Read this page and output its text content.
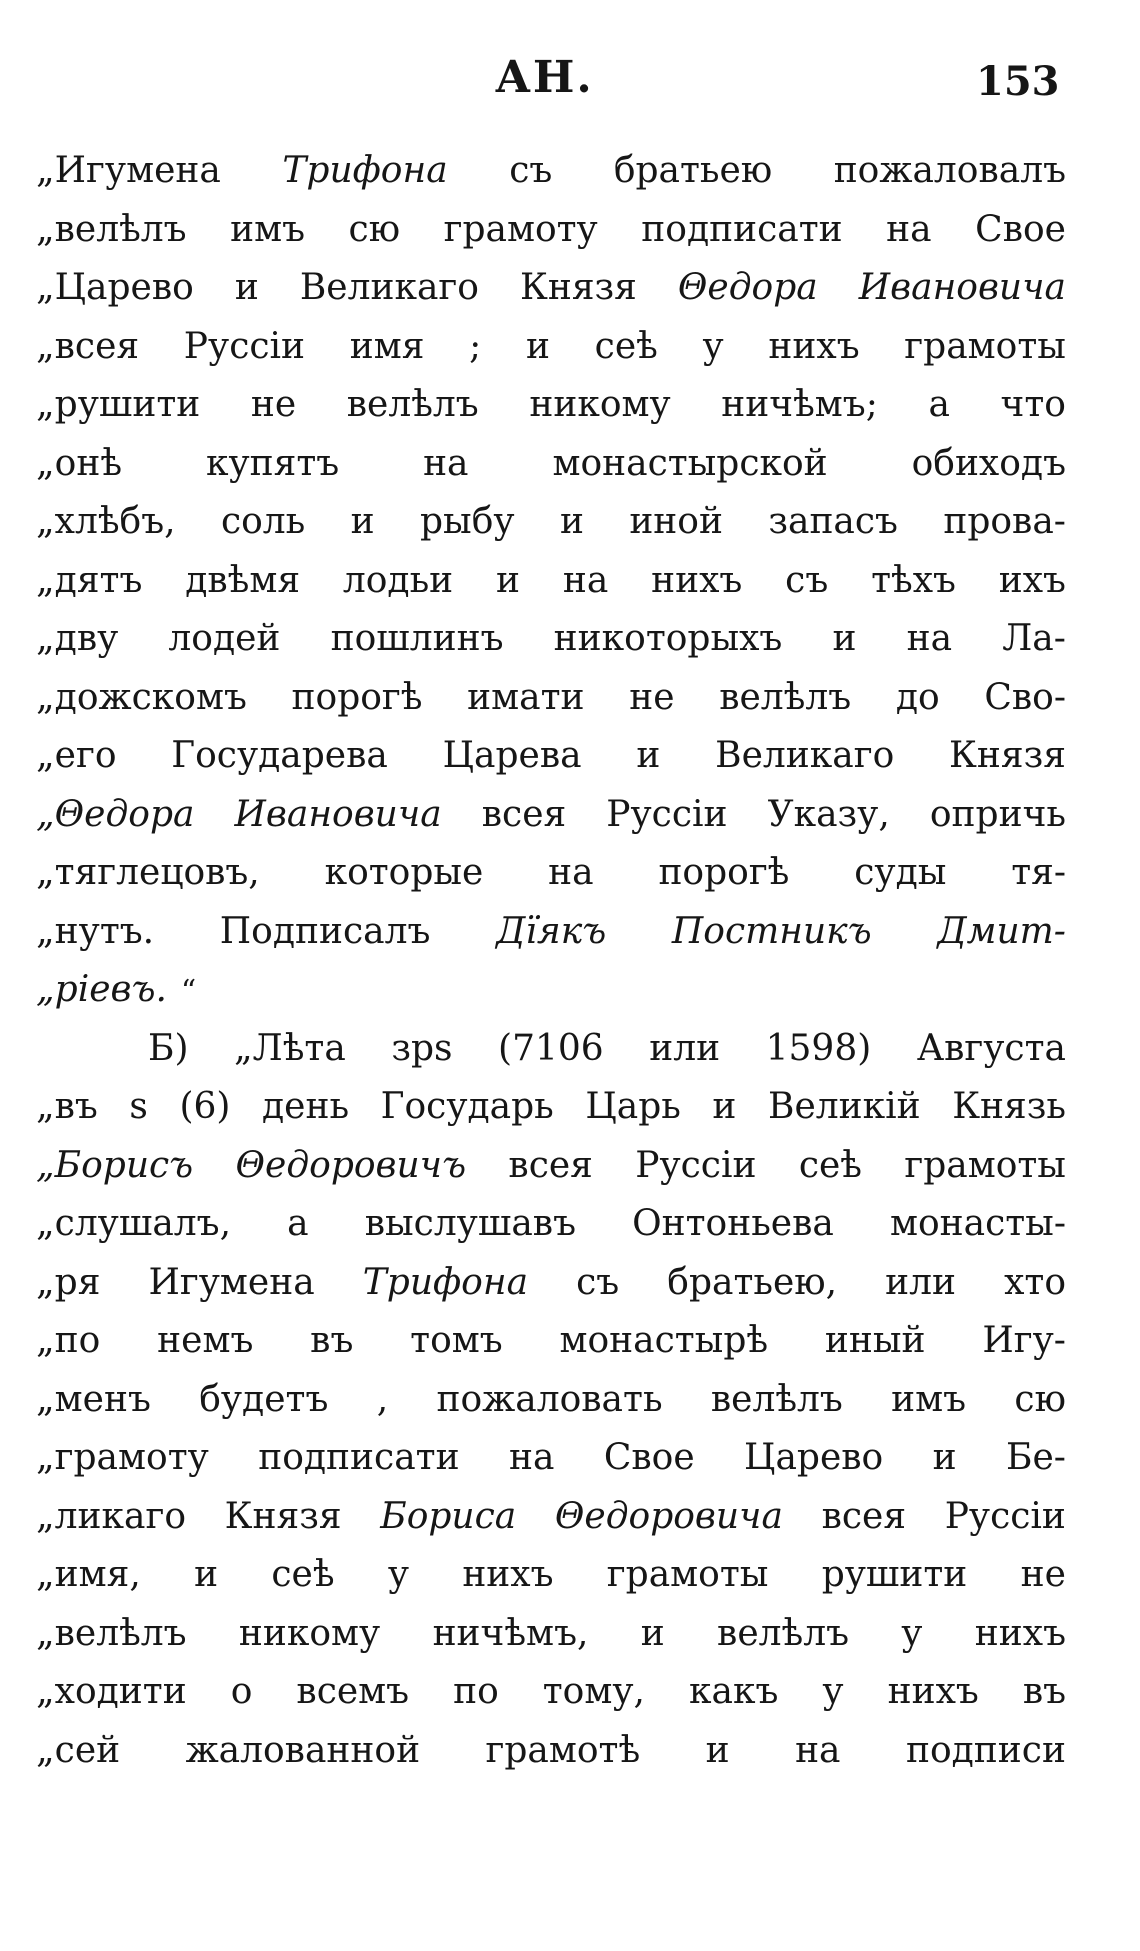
АН.	153
„Игумена Трифона съ братьею пожаловалъ
„велѣлъ имъ сю грамоту подписати на Свое
„Царево и Великаго Князя Θедора Ивановича
„всея Руссіи имя ; и сеѣ у нихъ грамоты
„рушити не велѣлъ никому ничѣмъ; а что
„онѣ купятъ на монастырской обиходъ
„хлѣбъ, соль и рыбу и иной запасъ прова-
„дятъ двѣмя лодьи и на нихъ съ тѣхъ ихъ
„дву лодей пошлинъ никоторыхъ и на Ла-
„дожскомъ порогѣ имати не велѣлъ до Сво-
„его Государева Царева и Великаго Князя
„Θедора Ивановича всея Руссіи Указу, опричь
„тяглецовъ, которые на порогѣ суды тя-
„нутъ. Подписалъ Дїякъ Постникъ Дмит-
„ріевъ. “
Б) „Лѣта зрѕ (7106 или 1598) Августа
„въ ѕ (6) день Государь Царь и Великій Князь
„Борисъ Θедоровичъ всея Руссіи сеѣ грамоты
„слушалъ, а выслушавъ Онтоньева монасты-
„ря Игумена Трифона съ братьею, или хто
„по немъ въ томъ монастырѣ иный Игу-
„менъ будетъ , пожаловать велѣлъ имъ сю
„грамоту подписати на Свое Царево и Бе-
„ликаго Князя Бориса Θедоровича всея Руссіи
„имя, и сеѣ у нихъ грамоты рушити не
„велѣлъ никому ничѣмъ, и велѣлъ у нихъ
„ходити о всемъ по тому, какъ у нихъ въ
„сей жалованной грамотѣ и на подписи
